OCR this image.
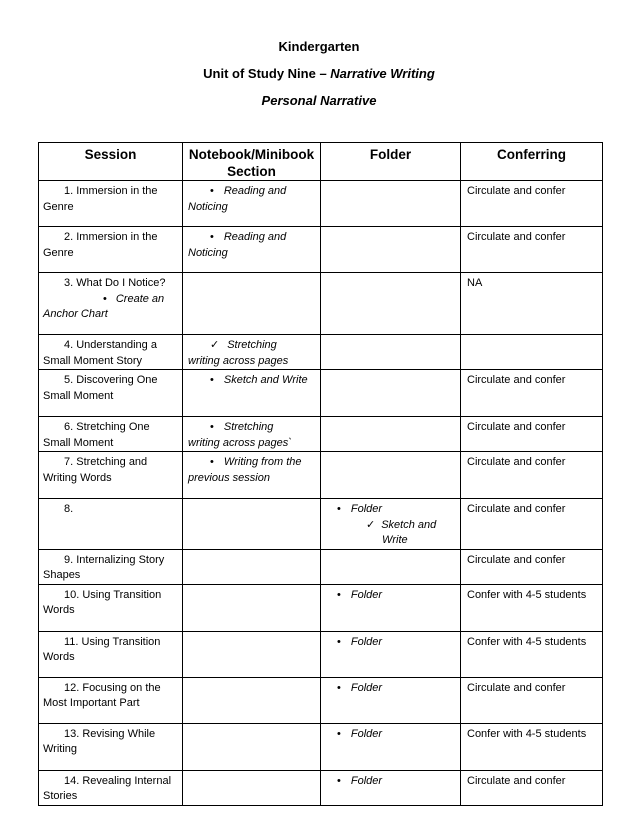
Kindergarten
Unit of Study Nine – Narrative Writing
Personal Narrative
Session	Notebook/Minibook Section	Folder	Conferring

1. Immersion in the
Genre	• Reading and
Noticing		Circulate and confer

2. Immersion in the
Genre	• Reading and
Noticing		Circulate and confer

3. What Do I Notice?
• Create an
Anchor Chart			NA

4. Understanding a
Small Moment Story	✓ Stretching
writing across pages		

5. Discovering One
Small Moment	• Sketch and Write		Circulate and confer

6. Stretching One
Small Moment	• Stretching
writing across pages`		Circulate and confer

7. Stretching and
Writing Words	• Writing from the
previous session		Circulate and confer

8.		• Folder
✓ Sketch and
Write	Circulate and confer

9. Internalizing Story
Shapes			Circulate and confer

10. Using Transition
Words		• Folder	Confer with 4-5 students

11. Using Transition
Words		• Folder	Confer with 4-5 students

12. Focusing on the
Most Important Part		• Folder	Circulate and confer

13. Revising While
Writing		• Folder	Confer with 4-5 students

14. Revealing Internal
Stories		• Folder	Circulate and confer
